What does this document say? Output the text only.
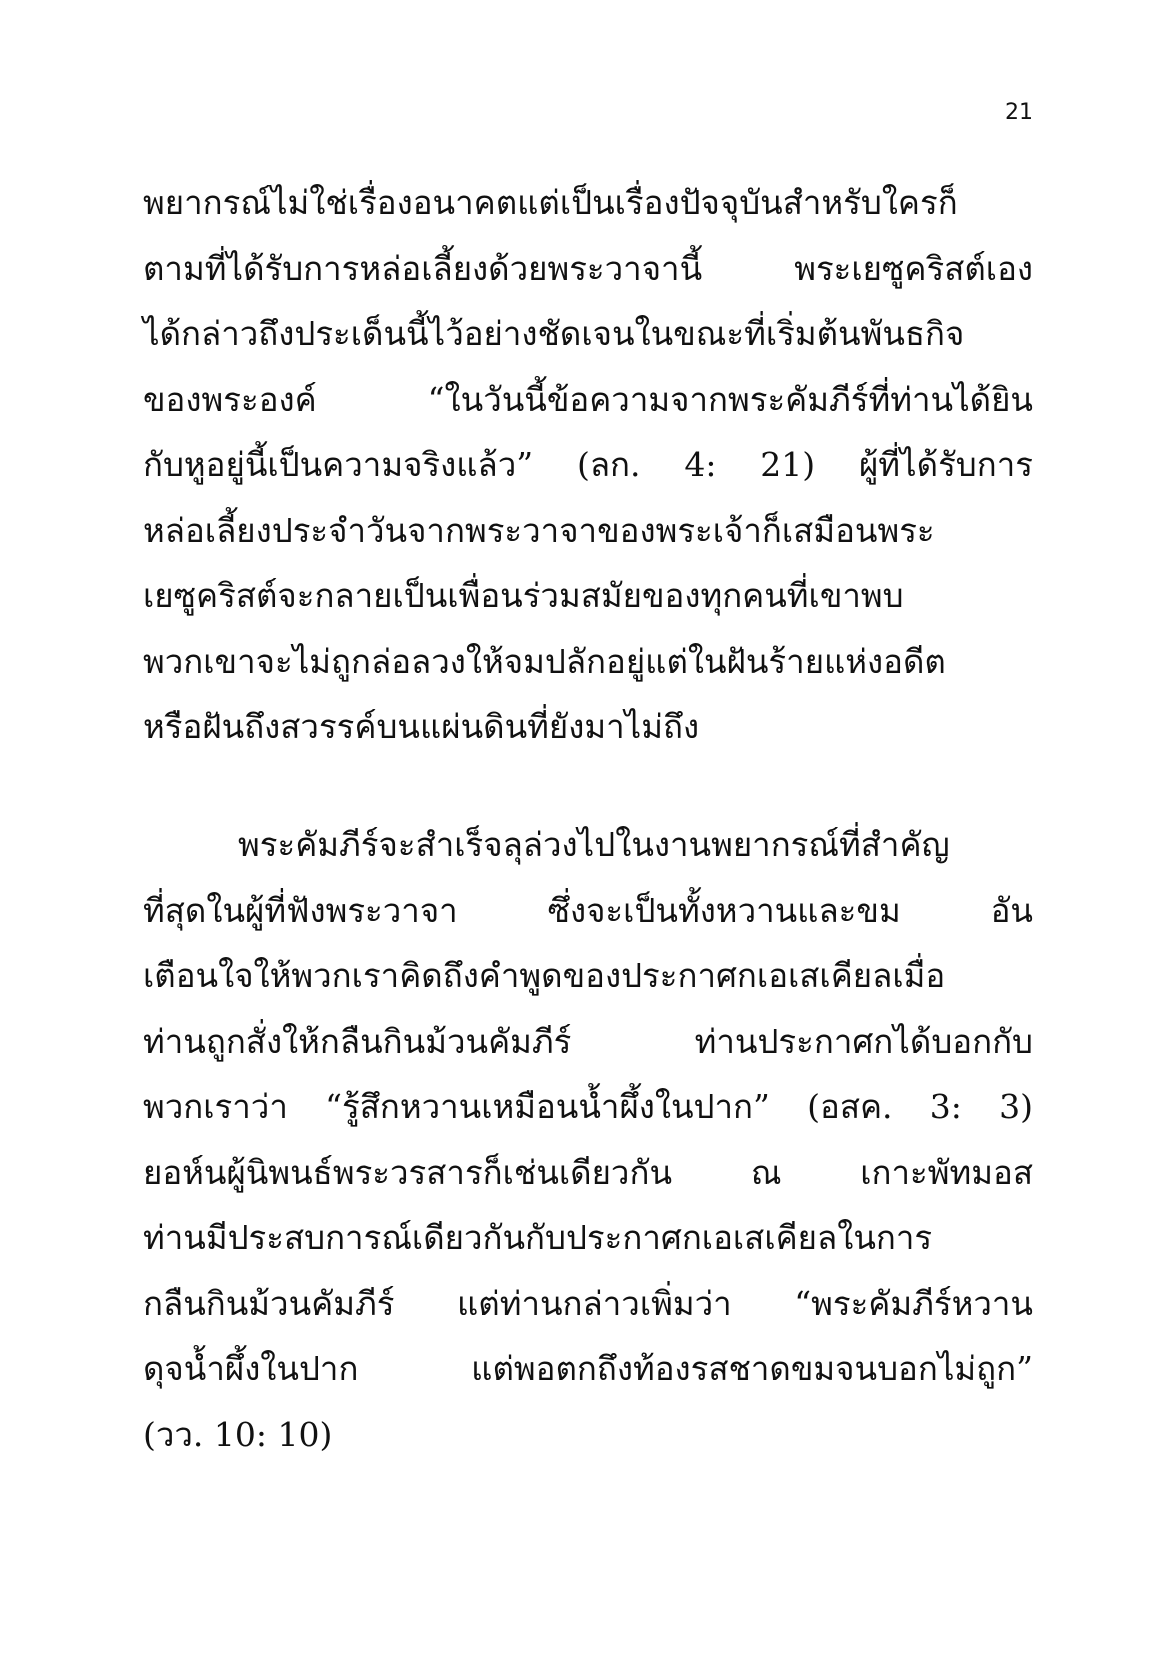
21
พยากรณ์ไม่ใช่เรื่องอนาคตแต่เป็นเรื่องปัจจุบันสำหรับใครก็
ตามที่ได้รับการหล่อเลี้ยงด้วยพระวาจานี้ พระเยซูคริสต์เอง
ได้กล่าวถึงประเด็นนี้ไว้อย่างชัดเจนในขณะที่เริ่มต้นพันธกิจ
ของพระองค์ “ในวันนี้ข้อความจากพระคัมภีร์ที่ท่านได้ยิน
กับหูอยู่นี้เป็นความจริงแล้ว” (ลก. 4: 21) ผู้ที่ได้รับการ
หล่อเลี้ยงประจำวันจากพระวาจาของพระเจ้าก็เสมือนพระ
เยซูคริสต์จะกลายเป็นเพื่อนร่วมสมัยของทุกคนที่เขาพบ
พวกเขาจะไม่ถูกล่อลวงให้จมปลักอยู่แต่ในฝันร้ายแห่งอดีต
หรือฝันถึงสวรรค์บนแผ่นดินที่ยังมาไม่ถึง
พระคัมภีร์จะสำเร็จลุล่วงไปในงานพยากรณ์ที่สำคัญ
ที่สุดในผู้ที่ฟังพระวาจา ซึ่งจะเป็นทั้งหวานและขม อัน
เตือนใจให้พวกเราคิดถึงคำพูดของประกาศกเอเสเคียลเมื่อ
ท่านถูกสั่งให้กลืนกินม้วนคัมภีร์ ท่านประกาศกได้บอกกับ
พวกเราว่า “รู้สึกหวานเหมือนน้ำผึ้งในปาก” (อสค. 3: 3)
ยอห์นผู้นิพนธ์พระวรสารก็เช่นเดียวกัน ณ เกาะพัทมอส
ท่านมีประสบการณ์เดียวกันกับประกาศกเอเสเคียลในการ
กลืนกินม้วนคัมภีร์ แต่ท่านกล่าวเพิ่มว่า “พระคัมภีร์หวาน
ดุจน้ำผึ้งในปาก แต่พอตกถึงท้องรสชาดขมจนบอกไม่ถูก”
(วว. 10: 10)
